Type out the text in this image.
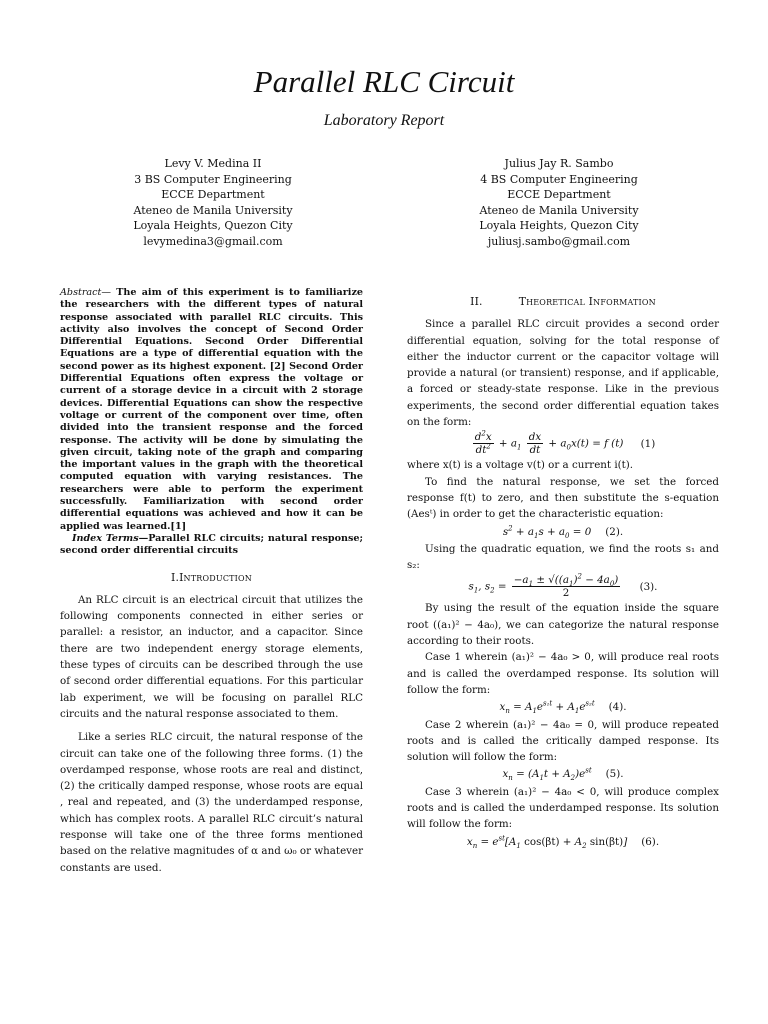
Parallel RLC Circuit
Laboratory Report
Levy V. Medina II
3 BS Computer Engineering
ECCE Department
Ateneo de Manila University
Loyala Heights, Quezon City
levymedina3@gmail.com
Julius Jay R. Sambo
4 BS Computer Engineering
ECCE Department
Ateneo de Manila University
Loyala Heights, Quezon City
juliusj.sambo@gmail.com

Abstract— The aim of this experiment is to familiarize the researchers with the different types of natural response associated with parallel RLC circuits. This activity also involves the concept of Second Order Differential Equations. Second Order Differential Equations are a type of differential equation with the second power as its highest exponent. [2] Second Order Differential Equations often express the voltage or current of a storage device in a circuit with 2 storage devices. Differential Equations can show the respective voltage or current of the component over time, often divided into the transient response and the forced response. The activity will be done by simulating the given circuit, taking note of the graph and comparing the important values in the graph with the theoretical computed equation with varying resistances. The researchers were able to perform the experiment successfully. Familiarization with second order differential equations was achieved and how it can be applied was learned.[1]

Index Terms—Parallel RLC circuits; natural response; second order differential circuits

I.Introduction

An RLC circuit is an electrical circuit that utilizes the following components connected in either series or parallel: a resistor, an inductor, and a capacitor. Since there are two independent energy storage elements, these types of circuits can be described through the use of second order differential equations. For this particular lab experiment, we will be focusing on parallel RLC circuits and the natural response associated to them.

Like a series RLC circuit, the natural response of the circuit can take one of the following three forms. (1) the overdamped response, whose roots are real and distinct, (2) the critically damped response, whose roots are equal , real and repeated, and (3) the underdamped response, which has complex roots. A parallel RLC circuit’s natural response will take one of the three forms mentioned based on the relative magnitudes of α and ω₀ or whatever constants are used.

II.	Theoretical Information

Since a parallel RLC circuit provides a second order differential equation, solving for the total response of either the inductor current or the capacitor voltage will provide a natural (or transient) response, and if applicable, a forced or steady-state response. Like in the previous experiments, the second order differential equation takes on the form:

$\frac{d^2x}{dt^2} + a_1 \frac{dx}{dt} + a_0x(t) = f$ (t) (1)

where x(t) is a voltage v(t) or a current i(t).

To find the natural response, we set the forced response f(t) to zero, and then substitute the s-equation (Aesᵗ) in order to get the characteristic equation:

$s^2 + a_1s + a_0 = 0$ (2).

Using the quadratic equation, we find the roots s₁ and s₂:

$s_1$, $s_2 = \frac{-a_1 \pm √((a_1)^2 - 4a_0)}{2} (3)$.

By using the result of the equation inside the square root ((a₁)² − 4a₀), we can categorize the natural response according to their roots.

Case 1 wherein (a₁)² − 4a₀ > 0, will produce real roots and is called the overdamped response. Its solution will follow the form:

$x_n = A_1e^{s_1t} + A_1e^{s_2t}$ (4).

Case 2 wherein (a₁)² − 4a₀ = 0, will produce repeated roots and is called the critically damped response. Its solution will follow the form:

$x_n = (A_1t + A_2)e^{st}$ (5).

Case 3 wherein (a₁)² − 4a₀ < 0, will produce complex roots and is called the underdamped response. Its solution will follow the form:

$x_n = e^{st}[A_1$ $\cos(\beta t) + A_2$ sin(βt)] (6).
